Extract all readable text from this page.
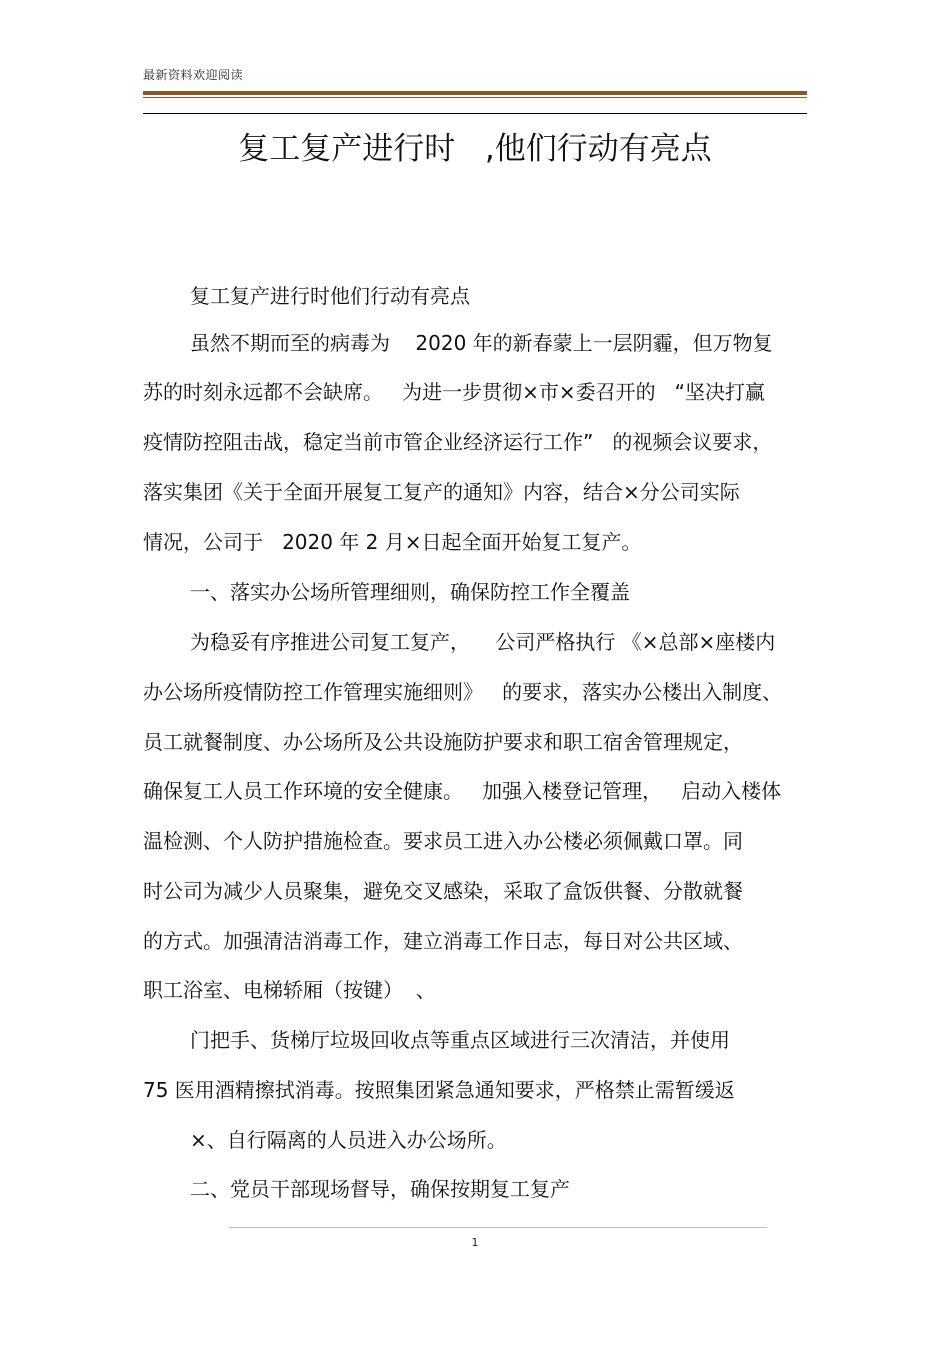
最新资料欢迎阅读
复工复产进行时   ,他们行动有亮点
复工复产进行时他们行动有亮点
虽然不期而至的病毒为    2020 年的新春蒙上一层阴霾，但万物复
苏的时刻永远都不会缺席。   为进一步贯彻×市×委召开的   “坚决打赢
疫情防控阻击战，稳定当前市管企业经济运行工作”   的视频会议要求，
落实集团《关于全面开展复工复产的通知》内容，结合×分公司实际
情况，公司于   2020 年 2 月×日起全面开始复工复产。
一、落实办公场所管理细则，确保防控工作全覆盖
为稳妥有序推进公司复工复产，    公司严格执行 《×总部×座楼内
办公场所疫情防控工作管理实施细则》   的要求，落实办公楼出入制度、
员工就餐制度、办公场所及公共设施防护要求和职工宿舍管理规定，
确保复工人员工作环境的安全健康。   加强入楼登记管理，   启动入楼体
温检测、个人防护措施检查。要求员工进入办公楼必须佩戴口罩。同
时公司为减少人员聚集，避免交叉感染，采取了盒饭供餐、分散就餐
的方式。加强清洁消毒工作，建立消毒工作日志，每日对公共区域、
职工浴室、电梯轿厢（按键）  、
门把手、货梯厅垃圾回收点等重点区域进行三次清洁，并使用
75 医用酒精擦拭消毒。按照集团紧急通知要求，严格禁止需暂缓返
×、自行隔离的人员进入办公场所。
二、党员干部现场督导，确保按期复工复产
1
